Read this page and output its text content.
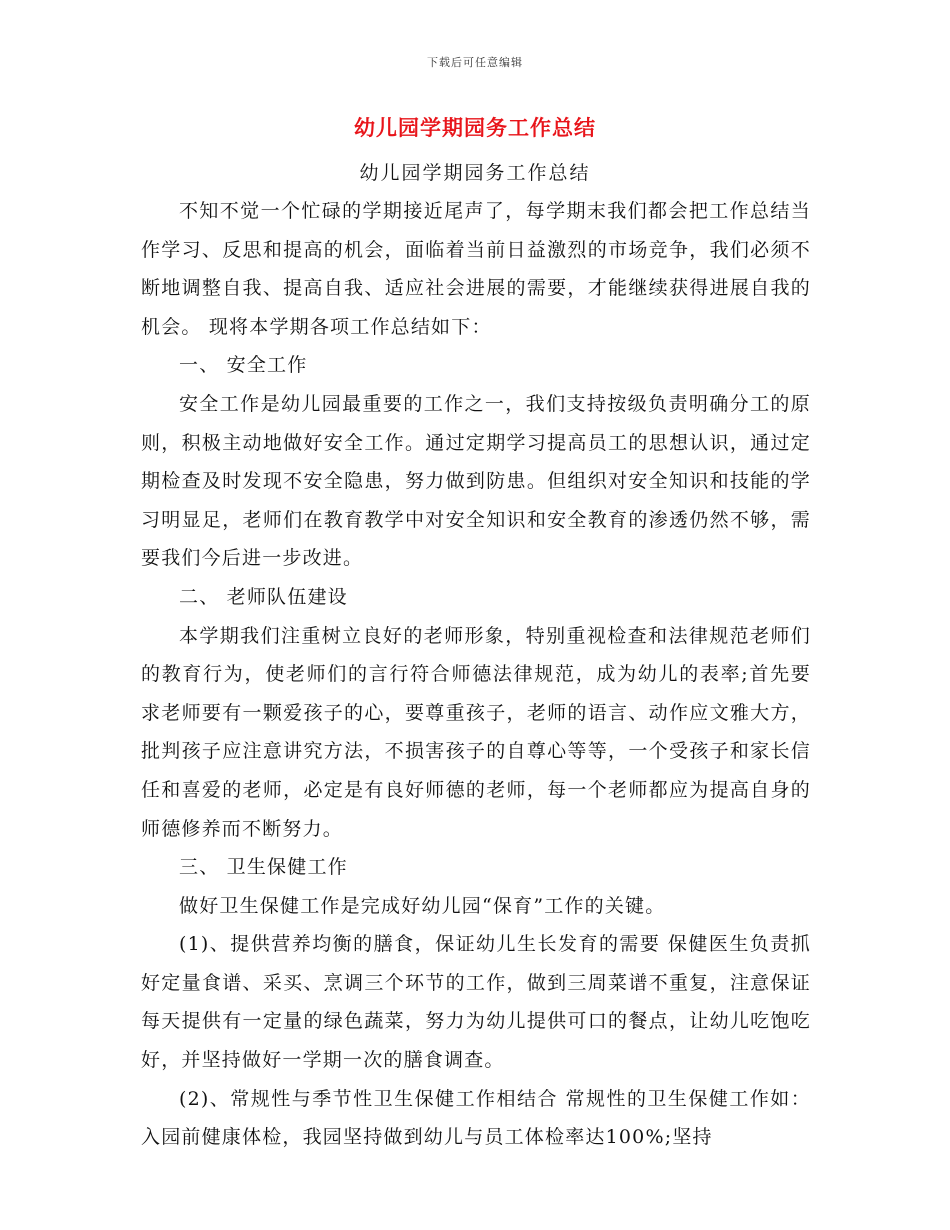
下载后可任意编辑
幼儿园学期园务工作总结
幼儿园学期园务工作总结

不知不觉一个忙碌的学期接近尾声了，每学期末我们都会把工作总结当作学习、反思和提高的机会，面临着当前日益激烈的市场竞争，我们必须不断地调整自我、提高自我、适应社会进展的需要，才能继续获得进展自我的机会。 现将本学期各项工作总结如下：

一、 安全工作

安全工作是幼儿园最重要的工作之一，我们支持按级负责明确分工的原则，积极主动地做好安全工作。通过定期学习提高员工的思想认识，通过定期检查及时发现不安全隐患，努力做到防患。但组织对安全知识和技能的学习明显足，老师们在教育教学中对安全知识和安全教育的渗透仍然不够，需要我们今后进一步改进。

二、 老师队伍建设

本学期我们注重树立良好的老师形象，特别重视检查和法律规范老师们的教育行为，使老师们的言行符合师德法律规范，成为幼儿的表率;首先要求老师要有一颗爱孩子的心，要尊重孩子，老师的语言、动作应文雅大方，批判孩子应注意讲究方法，不损害孩子的自尊心等等，一个受孩子和家长信任和喜爱的老师，必定是有良好师德的老师，每一个老师都应为提高自身的师德修养而不断努力。

三、 卫生保健工作

做好卫生保健工作是完成好幼儿园“保育”工作的关键。

(1)、提供营养均衡的膳食，保证幼儿生长发育的需要 保健医生负责抓好定量食谱、采买、烹调三个环节的工作，做到三周菜谱不重复，注意保证每天提供有一定量的绿色蔬菜，努力为幼儿提供可口的餐点，让幼儿吃饱吃好，并坚持做好一学期一次的膳食调查。

(2)、常规性与季节性卫生保健工作相结合 常规性的卫生保健工作如：入园前健康体检，我园坚持做到幼儿与员工体检率达100%;坚持
